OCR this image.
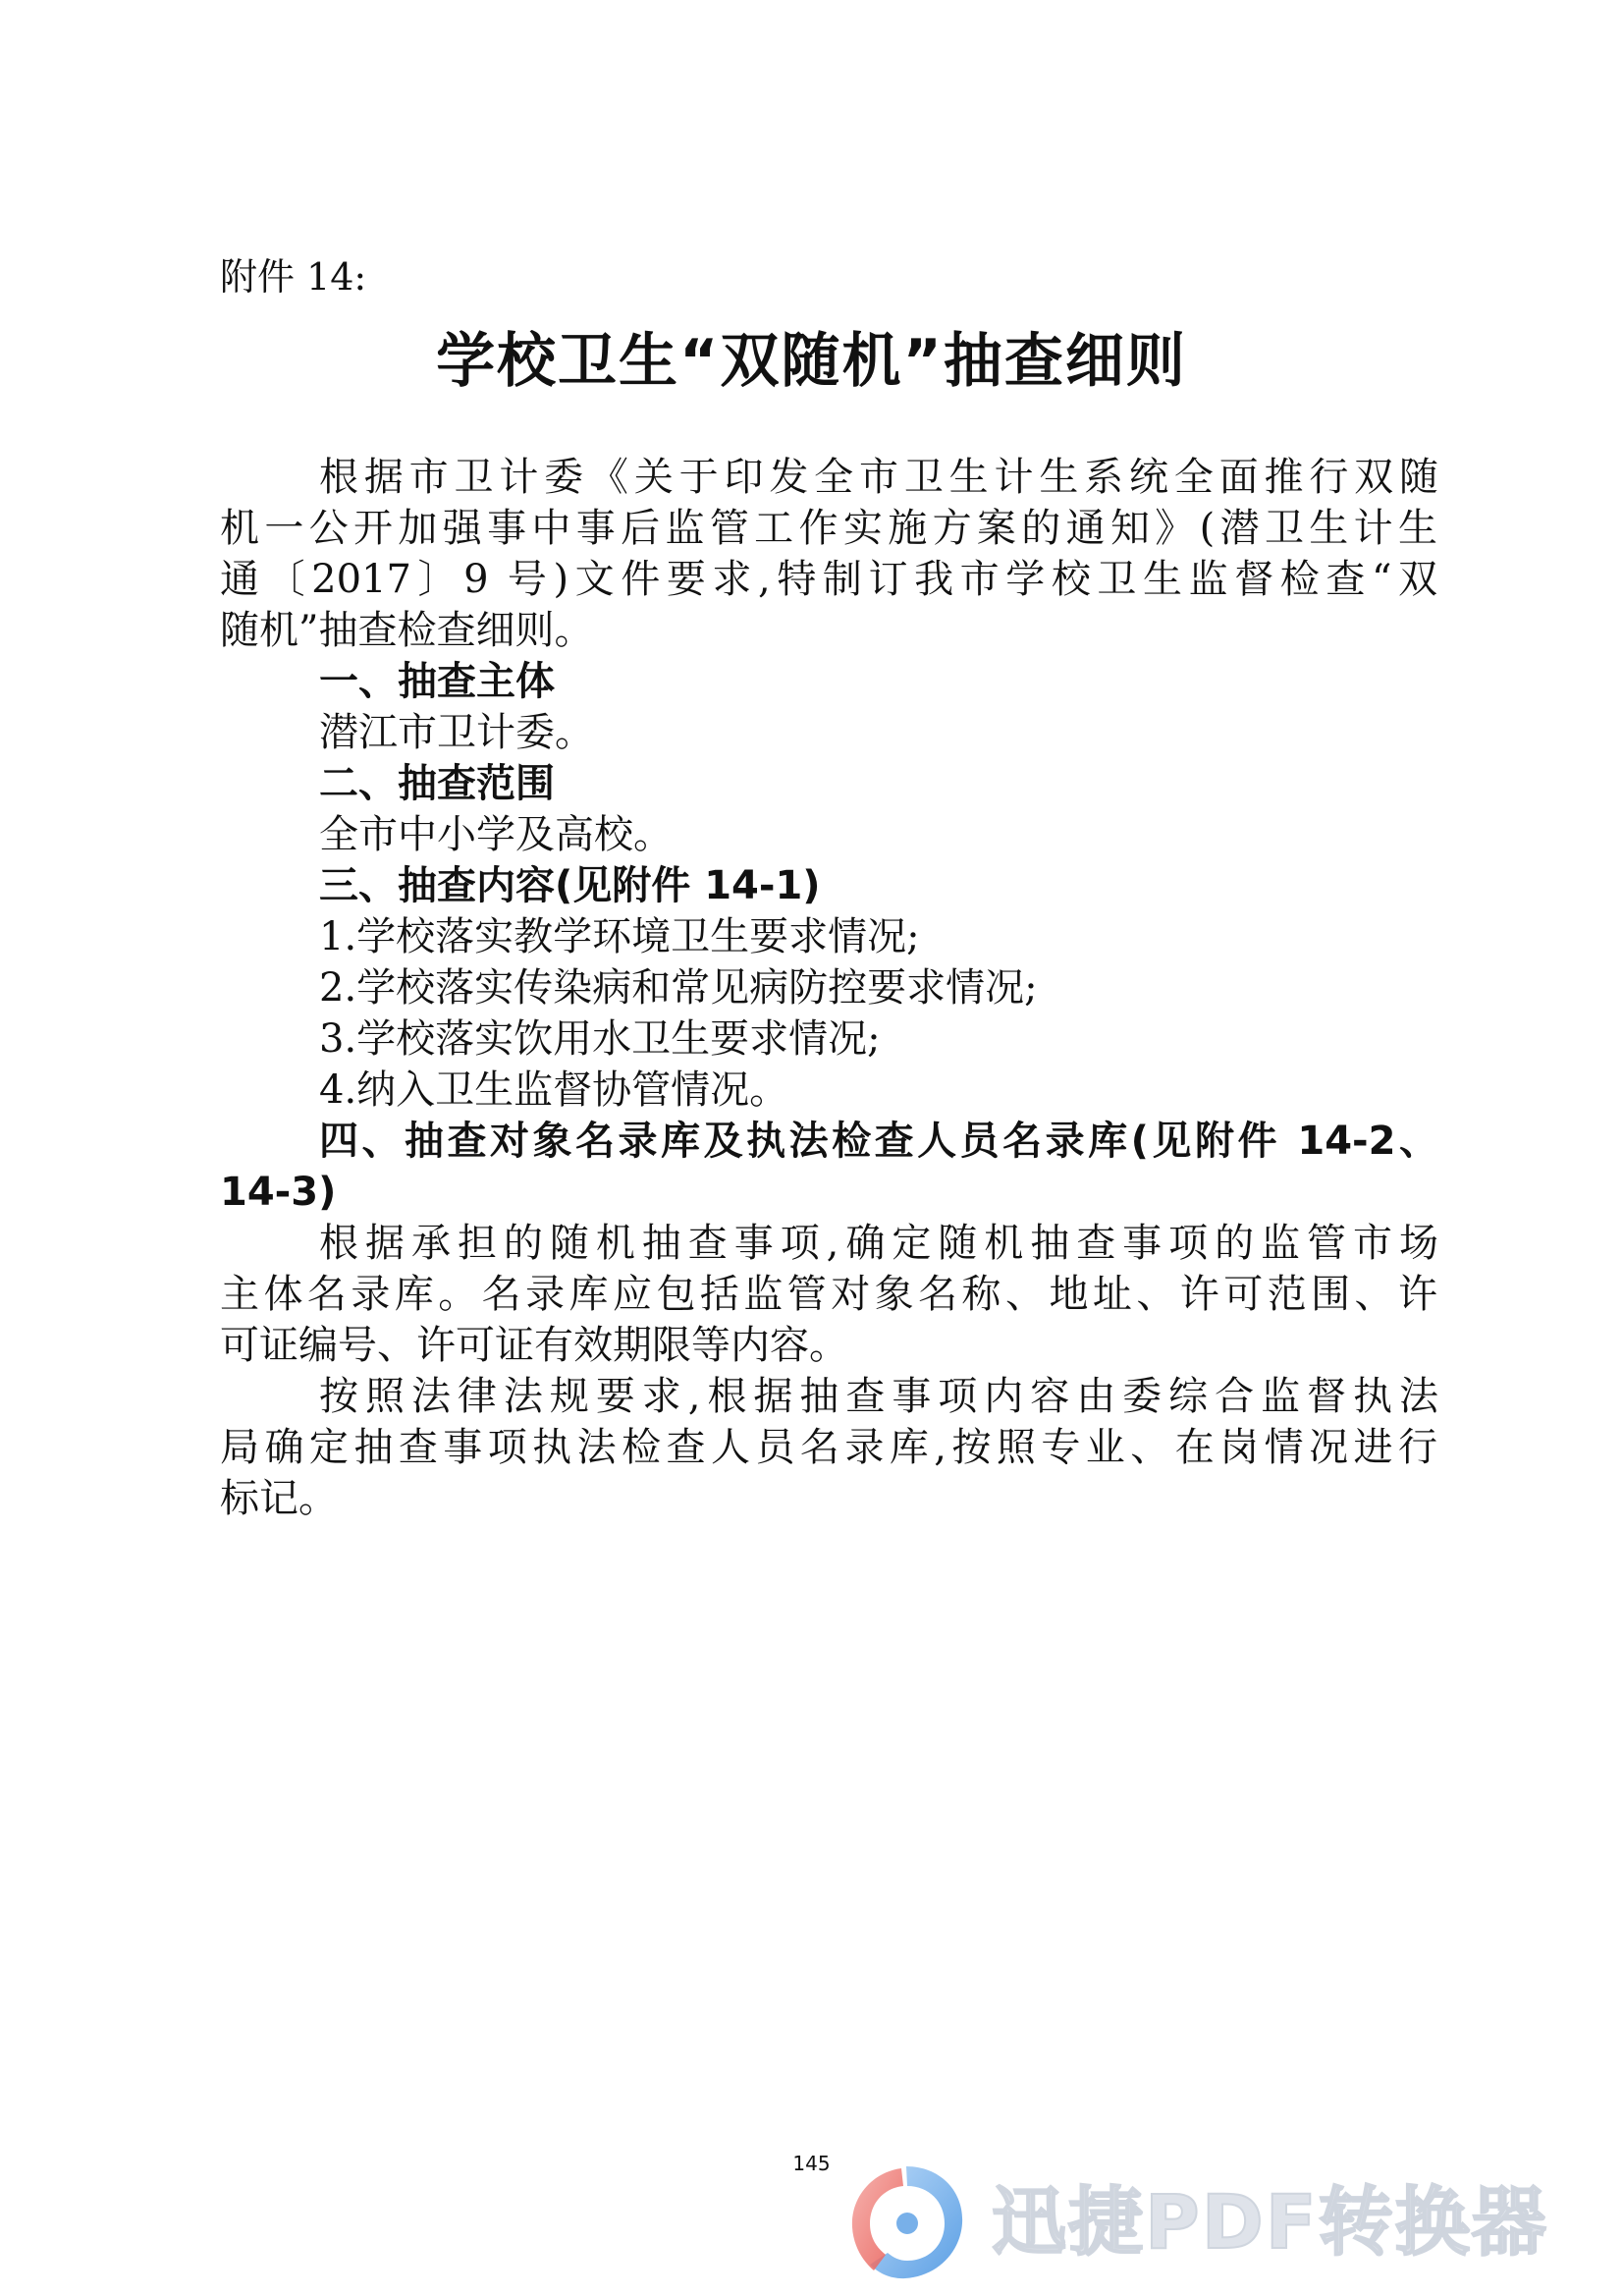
附件 14:
学校卫生“双随机”抽查细则
根据市卫计委《关于印发全市卫生计生系统全面推行双随
机一公开加强事中事后监管工作实施方案的通知》(潜卫生计生
通〔2017〕9 号)文件要求,特制订我市学校卫生监督检查“双
随机”抽查检查细则。
一、抽查主体
潜江市卫计委。
二、抽查范围
全市中小学及高校。
三、抽查内容(见附件 14-1)
1.学校落实教学环境卫生要求情况;
2.学校落实传染病和常见病防控要求情况;
3.学校落实饮用水卫生要求情况;
4.纳入卫生监督协管情况。
四、抽查对象名录库及执法检查人员名录库(见附件 14-2、
14-3)
根据承担的随机抽查事项,确定随机抽查事项的监管市场
主体名录库。名录库应包括监管对象名称、地址、许可范围、许
可证编号、许可证有效期限等内容。
按照法律法规要求,根据抽查事项内容由委综合监督执法
局确定抽查事项执法检查人员名录库,按照专业、在岗情况进行
标记。
145
迅捷PDF转换器
